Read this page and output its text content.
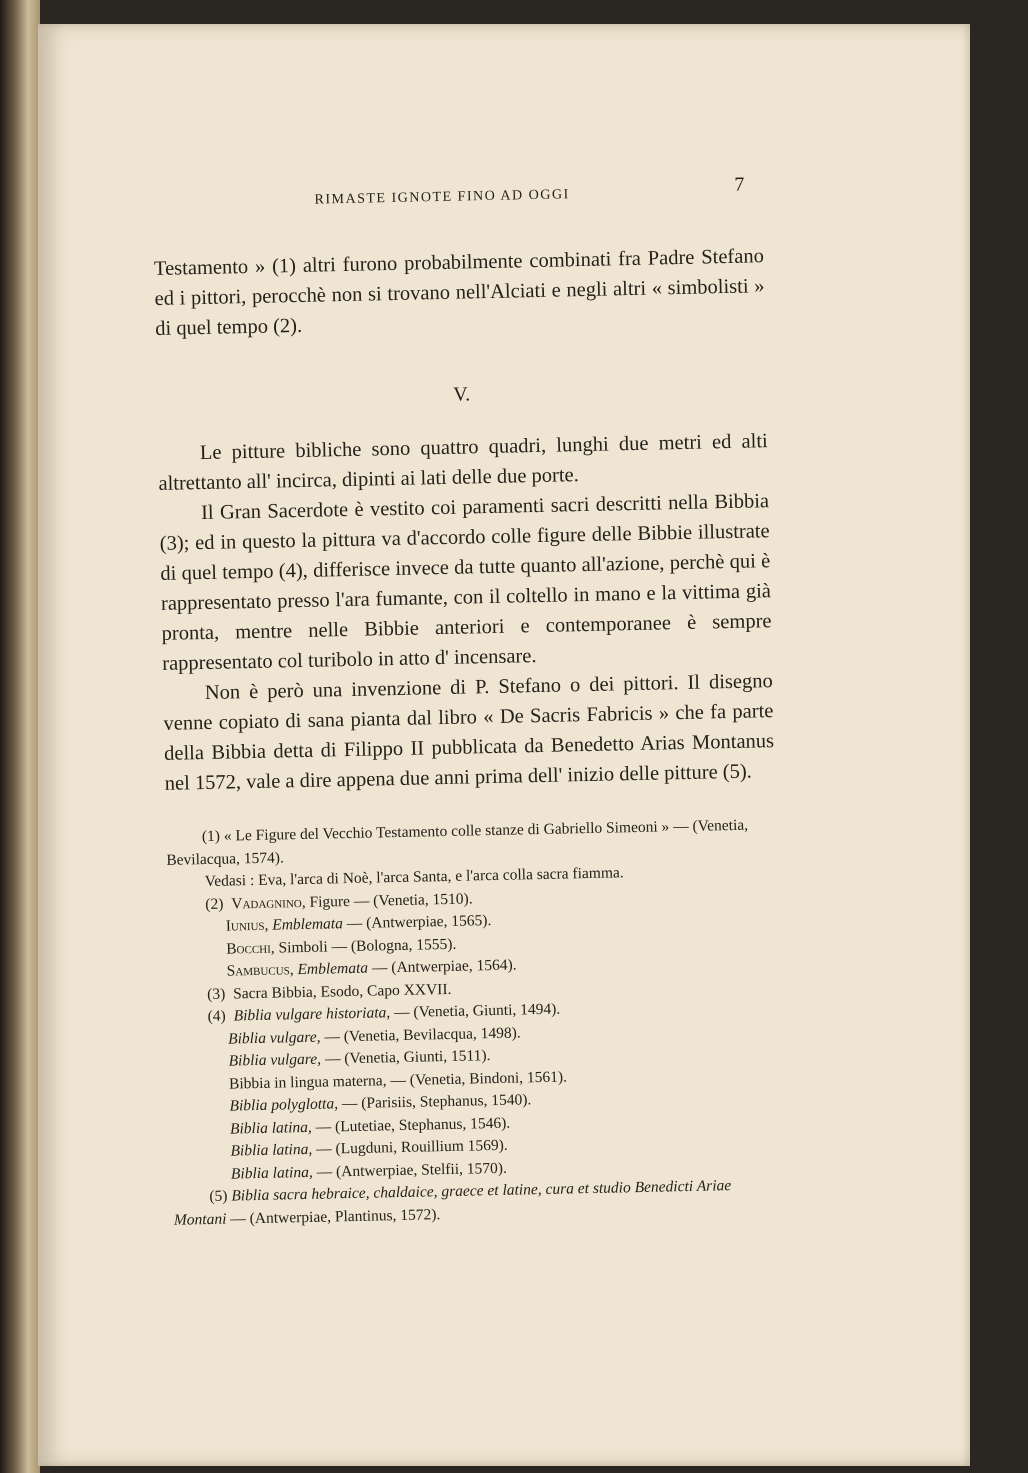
RIMASTE IGNOTE FINO AD OGGI
7

Testamento » (1) altri furono probabilmente combinati fra Padre Stefano ed i pittori, perocchè non si trovano nell'Alciati e negli altri « simbolisti » di quel tempo (2).

V.

Le pitture bibliche sono quattro quadri, lunghi due metri ed alti altrettanto all' incirca, dipinti ai lati delle due porte.

Il Gran Sacerdote è vestito coi paramenti sacri descritti nella Bibbia (3); ed in questo la pittura va d'accordo colle figure delle Bibbie illustrate di quel tempo (4), differisce invece da tutte quanto all'azione, perchè qui è rappresentato presso l'ara fumante, con il coltello in mano e la vittima già pronta, mentre nelle Bibbie anteriori e contemporanee è sempre rappresentato col turibolo in atto d' incensare.

Non è però una invenzione di P. Stefano o dei pittori. Il disegno venne copiato di sana pianta dal libro « De Sacris Fabricis » che fa parte della Bibbia detta di Filippo II pubblicata da Benedetto Arias Montanus nel 1572, vale a dire appena due anni prima dell' inizio delle pitture (5).

(1) « Le Figure del Vecchio Testamento colle stanze di Gabriello Simeoni » — (Venetia, Bevilacqua, 1574).

Vedasi : Eva, l'arca di Noè, l'arca Santa, e l'arca colla sacra fiamma.

(2) Vadagnino, Figure — (Venetia, 1510).

Iunius, Emblemata — (Antwerpiae, 1565).

Bocchi, Simboli — (Bologna, 1555).

Sambucus, Emblemata — (Antwerpiae, 1564).

(3) Sacra Bibbia, Esodo, Capo XXVII.

(4) Biblia vulgare historiata, — (Venetia, Giunti, 1494).

Biblia vulgare, — (Venetia, Bevilacqua, 1498).

Biblia vulgare, — (Venetia, Giunti, 1511).

Bibbia in lingua materna, — (Venetia, Bindoni, 1561).

Biblia polyglotta, — (Parisiis, Stephanus, 1540).

Biblia latina, — (Lutetiae, Stephanus, 1546).

Biblia latina, — (Lugduni, Rouillium 1569).

Biblia latina, — (Antwerpiae, Stelfii, 1570).

(5) Biblia sacra hebraice, chaldaice, graece et latine, cura et studio Benedicti Ariae Montani — (Antwerpiae, Plantinus, 1572).
